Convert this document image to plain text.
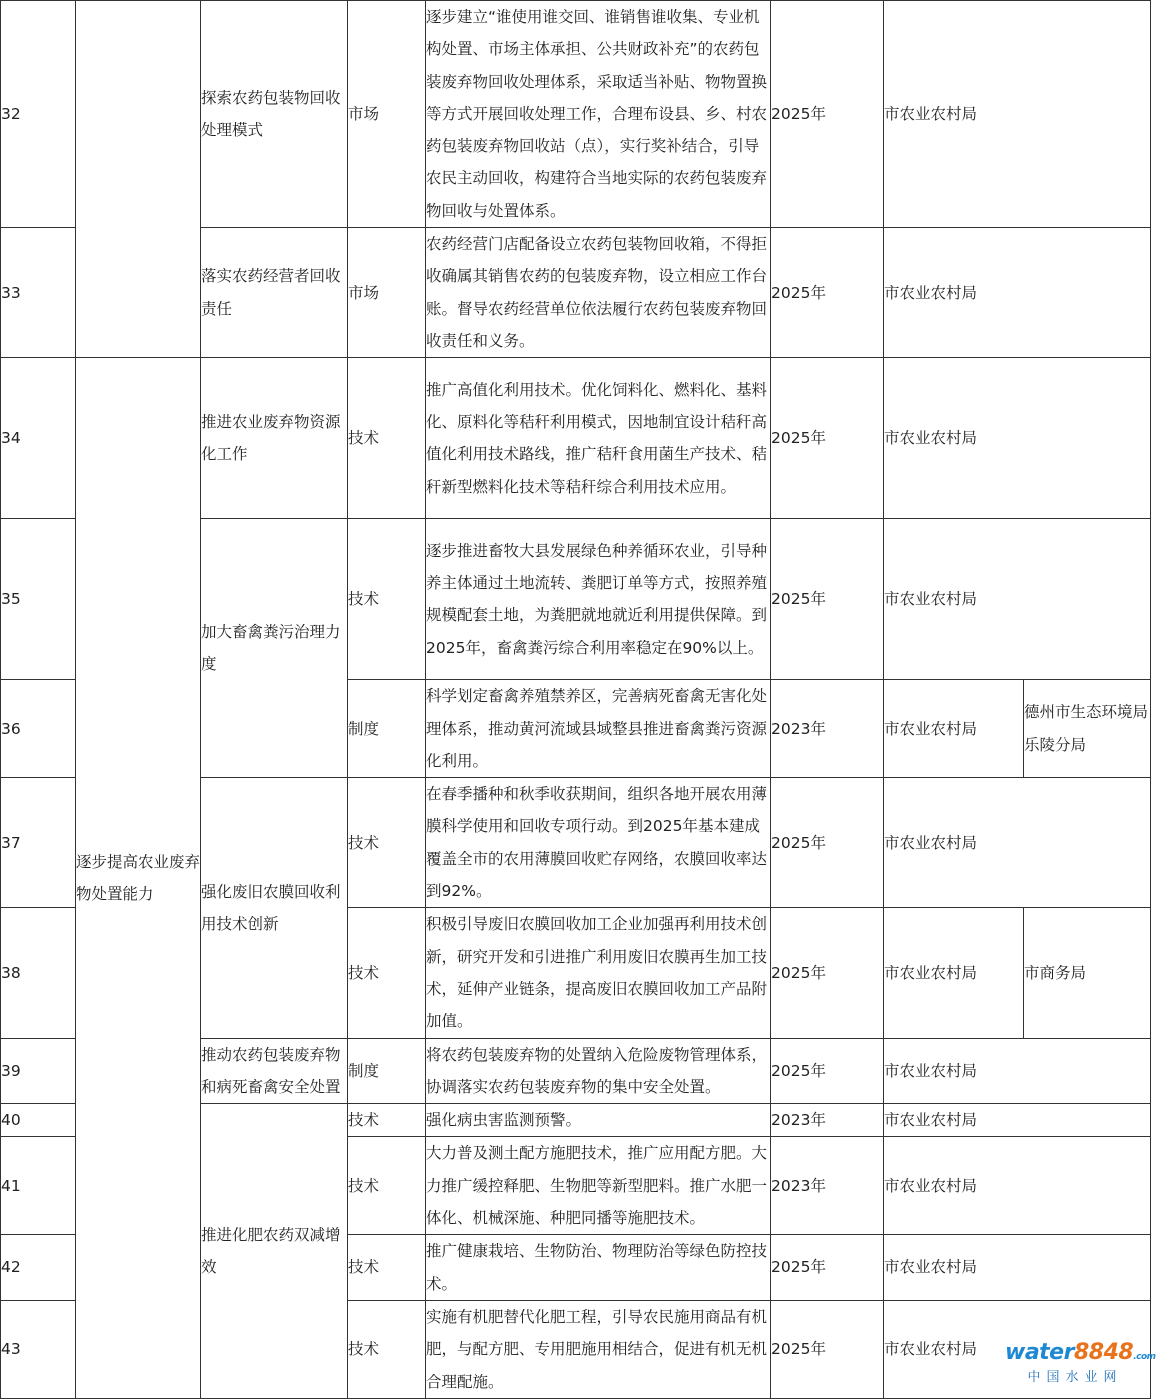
32		探索农药包装物回收处理模式	市场	逐步建立“谁使用谁交回、谁销售谁收集、专业机构处置、市场主体承担、公共财政补充”的农药包装废弃物回收处理体系，采取适当补贴、物物置换等方式开展回收处理工作，合理布设县、乡、村农药包装废弃物回收站（点），实行奖补结合，引导农民主动回收，构建符合当地实际的农药包装废弃物回收与处置体系。	2025年	市农业农村局	
33		落实农药经营者回收责任	市场	农药经营门店配备设立农药包装物回收箱，不得拒收确属其销售农药的包装废弃物，设立相应工作台账。督导农药经营单位依法履行农药包装废弃物回收责任和义务。	2025年	市农业农村局	
34	逐步提高农业废弃物处置能力	推进农业废弃物资源化工作	技术	推广高值化利用技术。优化饲料化、燃料化、基料化、原料化等秸秆利用模式，因地制宜设计秸秆高值化利用技术路线，推广秸秆食用菌生产技术、秸秆新型燃料化技术等秸秆综合利用技术应用。	2025年	市农业农村局	
35		加大畜禽粪污治理力度	技术	逐步推进畜牧大县发展绿色种养循环农业，引导种养主体通过土地流转、粪肥订单等方式，按照养殖规模配套土地，为粪肥就地就近利用提供保障。到2025年，畜禽粪污综合利用率稳定在90%以上。	2025年	市农业农村局	
36			制度	科学划定畜禽养殖禁养区，完善病死畜禽无害化处理体系，推动黄河流域县域整县推进畜禽粪污资源化利用。	2023年	市农业农村局	德州市生态环境局乐陵分局
37		强化废旧农膜回收利用技术创新	技术	在春季播种和秋季收获期间，组织各地开展农用薄膜科学使用和回收专项行动。到2025年基本建成覆盖全市的农用薄膜回收贮存网络，农膜回收率达到92%。	2025年	市农业农村局	
38			技术	积极引导废旧农膜回收加工企业加强再利用技术创新，研究开发和引进推广利用废旧农膜再生加工技术，延伸产业链条，提高废旧农膜回收加工产品附加值。	2025年	市农业农村局	市商务局
39		推动农药包装废弃物和病死畜禽安全处置	制度	将农药包装废弃物的处置纳入危险废物管理体系，协调落实农药包装废弃物的集中安全处置。	2025年	市农业农村局	
40		推进化肥农药双减增效	技术	强化病虫害监测预警。	2023年	市农业农村局	
41			技术	大力普及测土配方施肥技术，推广应用配方肥。大力推广缓控释肥、生物肥等新型肥料。推广水肥一体化、机械深施、种肥同播等施肥技术。	2023年	市农业农村局	
42			技术	推广健康栽培、生物防治、物理防治等绿色防控技术。	2025年	市农业农村局	
43			技术	实施有机肥替代化肥工程，引导农民施用商品有机肥，与配方肥、专用肥施用相结合，促进有机无机合理配施。	2025年	市农业农村局	water8848.com
中国水业网
